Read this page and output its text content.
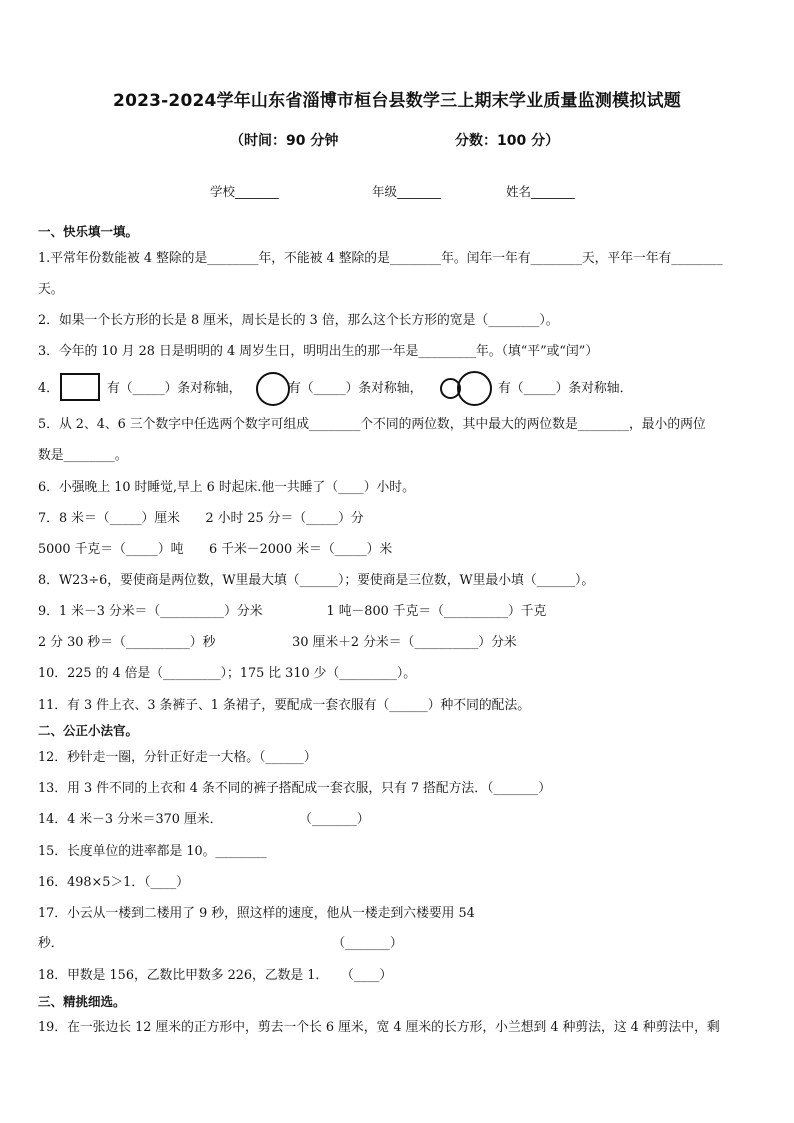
2023-2024学年山东省淄博市桓台县数学三上期末学业质量监测模拟试题
（时间：90 分钟	分数：100 分）
学校_______	年级_______	姓名_______
一、快乐填一填。
1.平常年份数能被 4 整除的是________年，不能被 4 整除的是________年。闰年一年有________天，平年一年有________
天。
2．如果一个长方形的长是 8 厘米，周长是长的 3 倍，那么这个长方形的宽是（________）。
3．今年的 10 月 28 日是明明的 4 周岁生日，明明出生的那一年是_________年。（填“平”或“闰”）
4．	有（_____）条对称轴，	有（_____）条对称轴，	有（_____）条对称轴．
5．从 2、4、6 三个数字中任选两个数字可组成________个不同的两位数，其中最大的两位数是________，最小的两位
数是________。
6．小强晚上 10 时睡觉,早上 6 时起床.他一共睡了（____）小时。
7．8 米＝（_____）厘米　　2 小时 25 分＝（_____）分
5000 千克＝（_____）吨　　6 千米－2000 米＝（_____）米
8．W23÷6，要使商是两位数，W里最大填（______）；要使商是三位数，W里最小填（______）。
9．1 米－3 分米＝（__________）分米　　　　　1 吨－800 千克＝（__________）千克
2 分 30 秒＝（__________）秒　　　　　　30 厘米＋2 分米＝（__________）分米
10．225 的 4 倍是（_________）；175 比 310 少（_________）。
11．有 3 件上衣、3 条裤子、1 条裙子，要配成一套衣服有（______）种不同的配法。
二、公正小法官。
12．秒针走一圈，分针正好走一大格。（______）
13．用 3 件不同的上衣和 4 条不同的裤子搭配成一套衣服，只有 7 搭配方法．（_______）
14．4 米－3 分米＝370 厘米．　　　　　　　（_______）
15．长度单位的进率都是 10。________
16．498×5＞1．（____）
17．小云从一楼到二楼用了 9 秒，照这样的速度，他从一楼走到六楼要用 54
秒．　　　　　　　　　　　　　　　　　　　　　　（_______）
18．甲数是 156，乙数比甲数多 226，乙数是 1．　　（____）
三、精挑细选。
19．在一张边长 12 厘米的正方形中，剪去一个长 6 厘米，宽 4 厘米的长方形，小兰想到 4 种剪法，这 4 种剪法中，剩
